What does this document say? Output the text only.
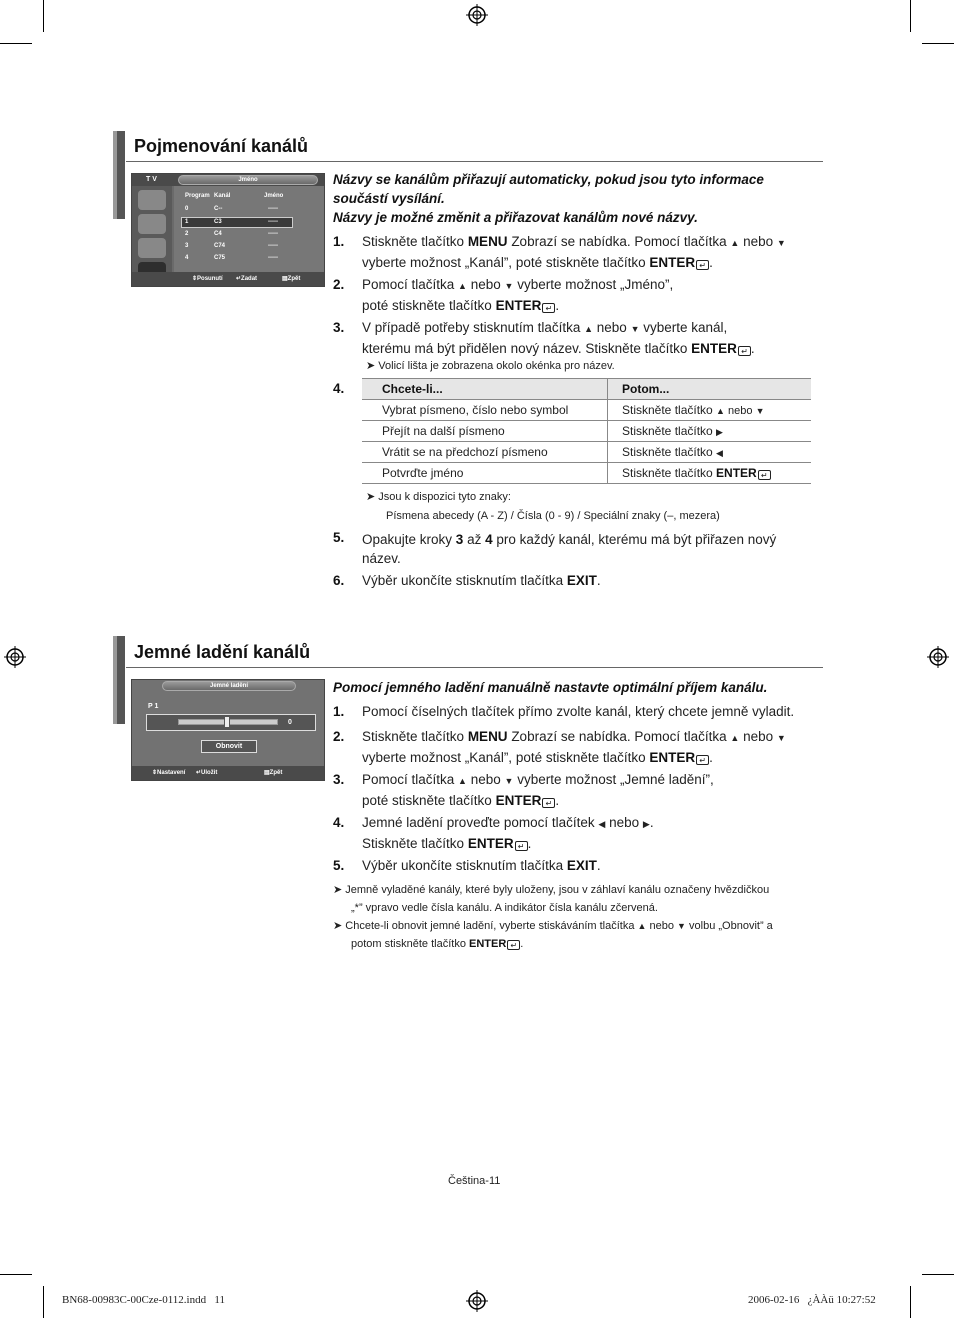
Pojmenování kanálů
T V	Jméno
Program Kanál	Jméno
0	C--	-----
1	C3	-----
2	C4	-----
3	C74	-----
4	C75	-----
⇕Posunutí ↵Zadat	▤Zpět
Názvy se kanálům přiřazují automaticky, pokud jsou tyto informace
součástí vysílání.
Názvy je možné změnit a přiřazovat kanálům nové názvy.
1. Stiskněte tlačítko MENU Zobrazí se nabídka. Pomocí tlačítka ▲ nebo ▼
vyberte možnost „Kanál”, poté stiskněte tlačítko ENTER ↵ .
2. Pomocí tlačítka ▲ nebo ▼ vyberte možnost „Jméno”,
poté stiskněte tlačítko ENTER ↵ .
3. V případě potřeby stisknutím tlačítka ▲ nebo ▼ vyberte kanál,
kterému má být přidělen nový název. Stiskněte tlačítko ENTER ↵ .
➤ Volicí lišta je zobrazena okolo okénka pro název.
4.	Chcete-li...	Potom...
Vybrat písmeno, číslo nebo symbol	Stiskněte tlačítko ▲ nebo ▼
Přejít na další písmeno	Stiskněte tlačítko ▶
Vrátit se na předchozí písmeno	Stiskněte tlačítko ◀
Potvrďte jméno	Stiskněte tlačítko ENTER ↵
➤ Jsou k dispozici tyto znaky:
Písmena abecedy (A - Z) / Čísla (0 - 9) / Speciální znaky (–, mezera)
5. Opakujte kroky 3 až 4 pro každý kanál, kterému má být přiřazen nový
název.
6. Výběr ukončíte stisknutím tlačítka EXIT.
Jemné ladění kanálů
Jemné ladění
P 1
0
Obnovit
⇕Nastavení ↵Uložit	▤Zpět
Pomocí jemného ladění manuálně nastavte optimální příjem kanálu.
1. Pomocí číselných tlačítek přímo zvolte kanál, který chcete jemně vyladit.
2. Stiskněte tlačítko MENU Zobrazí se nabídka. Pomocí tlačítka ▲ nebo ▼
vyberte možnost „Kanál”, poté stiskněte tlačítko ENTER ↵ .
3. Pomocí tlačítka ▲ nebo ▼ vyberte možnost „Jemné ladění”,
poté stiskněte tlačítko ENTER ↵ .
4. Jemné ladění proveďte pomocí tlačítek ◀ nebo ▶.
Stiskněte tlačítko ENTER ↵ .
5. Výběr ukončíte stisknutím tlačítka EXIT.
➤ Jemně vyladěné kanály, které byly uloženy, jsou v záhlaví kanálu označeny hvězdičkou
„*” vpravo vedle čísla kanálu. A indikátor čísla kanálu zčervená.
➤ Chcete-li obnovit jemné ladění, vyberte stiskáváním tlačítka ▲ nebo ▼ volbu „Obnovit” a
potom stiskněte tlačítko ENTER ↵ .
Čeština-11
BN68-00983C-00Cze-0112.indd   11	2006-02-16   ¿ÀÀü 10:27:52
